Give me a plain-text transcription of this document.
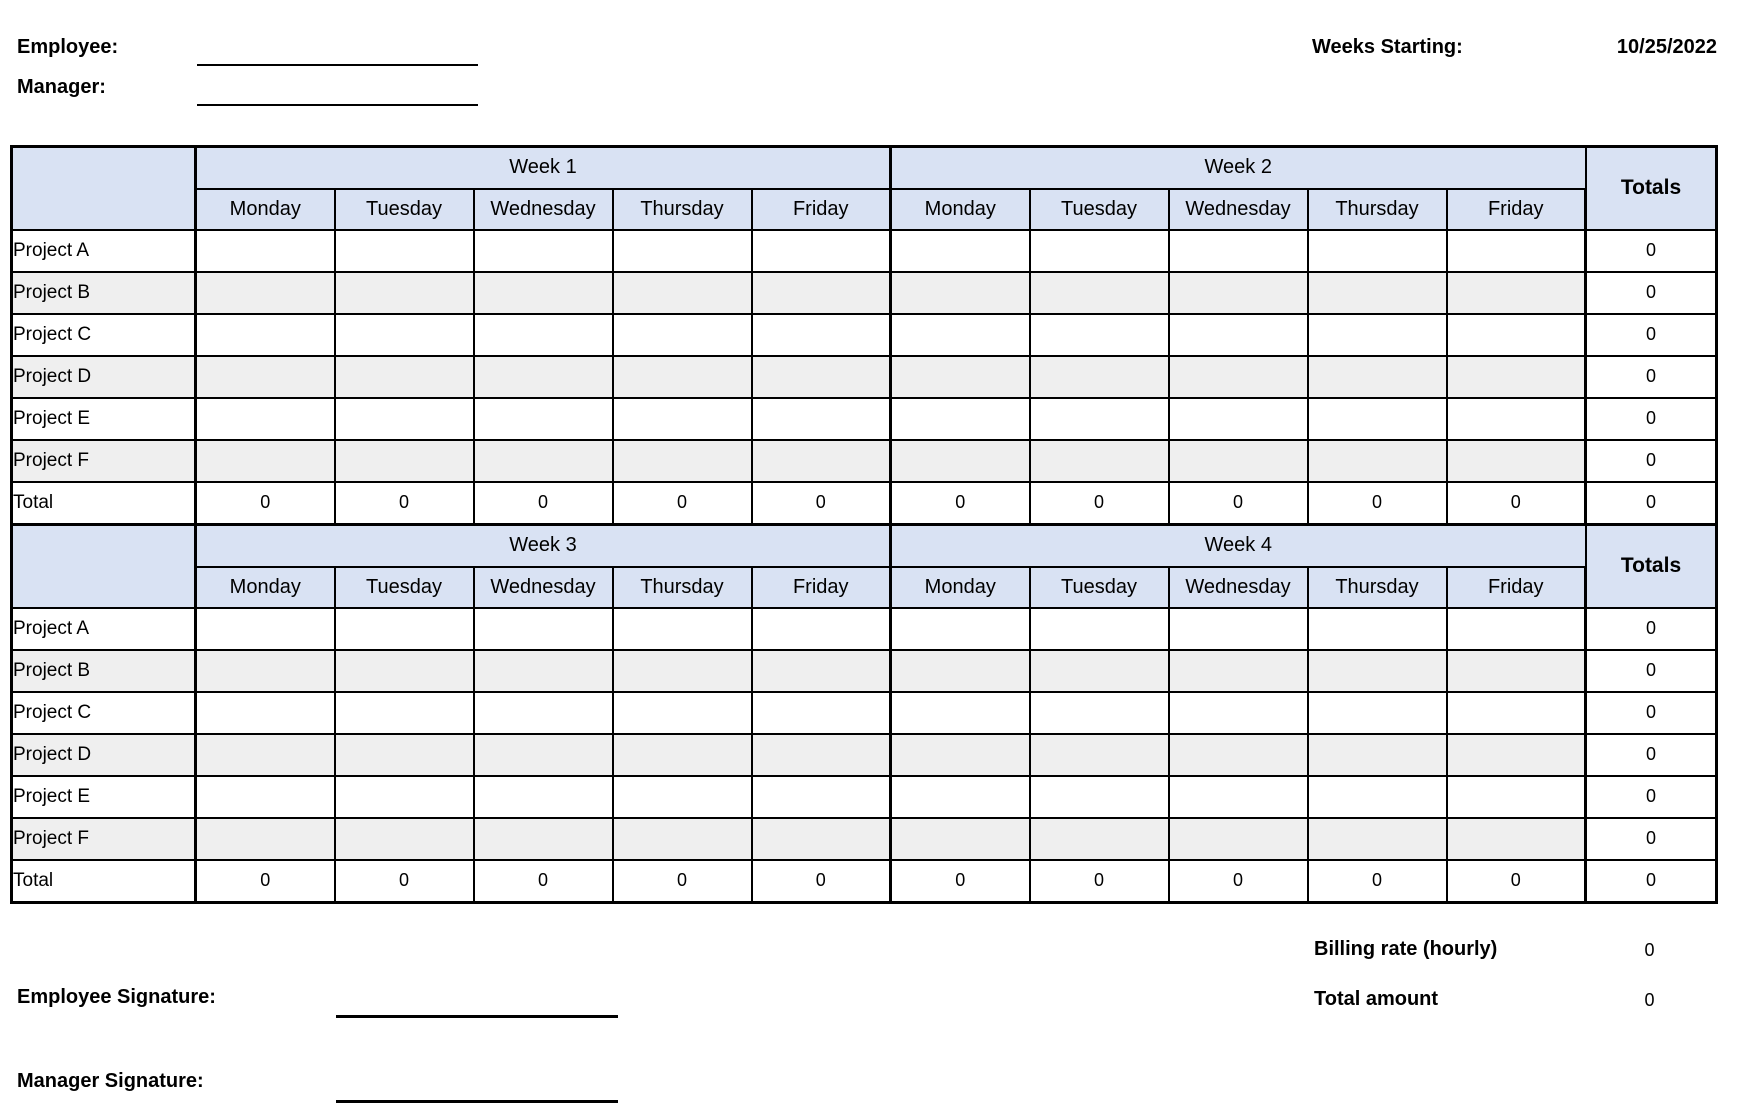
Employee:
Manager:
Weeks Starting:	10/25/2022
	Week 1					Week 2					Totals
	Monday	Tuesday	Wednesday	Thursday	Friday	Monday	Tuesday	Wednesday	Thursday	Friday	
Project A											0
Project B											0
Project C											0
Project D											0
Project E											0
Project F											0
Total	0	0	0	0	0	0	0	0	0	0	0
	Week 3					Week 4					Totals
	Monday	Tuesday	Wednesday	Thursday	Friday	Monday	Tuesday	Wednesday	Thursday	Friday	
Project A											0
Project B											0
Project C											0
Project D											0
Project E											0
Project F											0
Total	0	0	0	0	0	0	0	0	0	0	0
Billing rate (hourly)	0
Total amount	0
Employee Signature:
Manager Signature:
